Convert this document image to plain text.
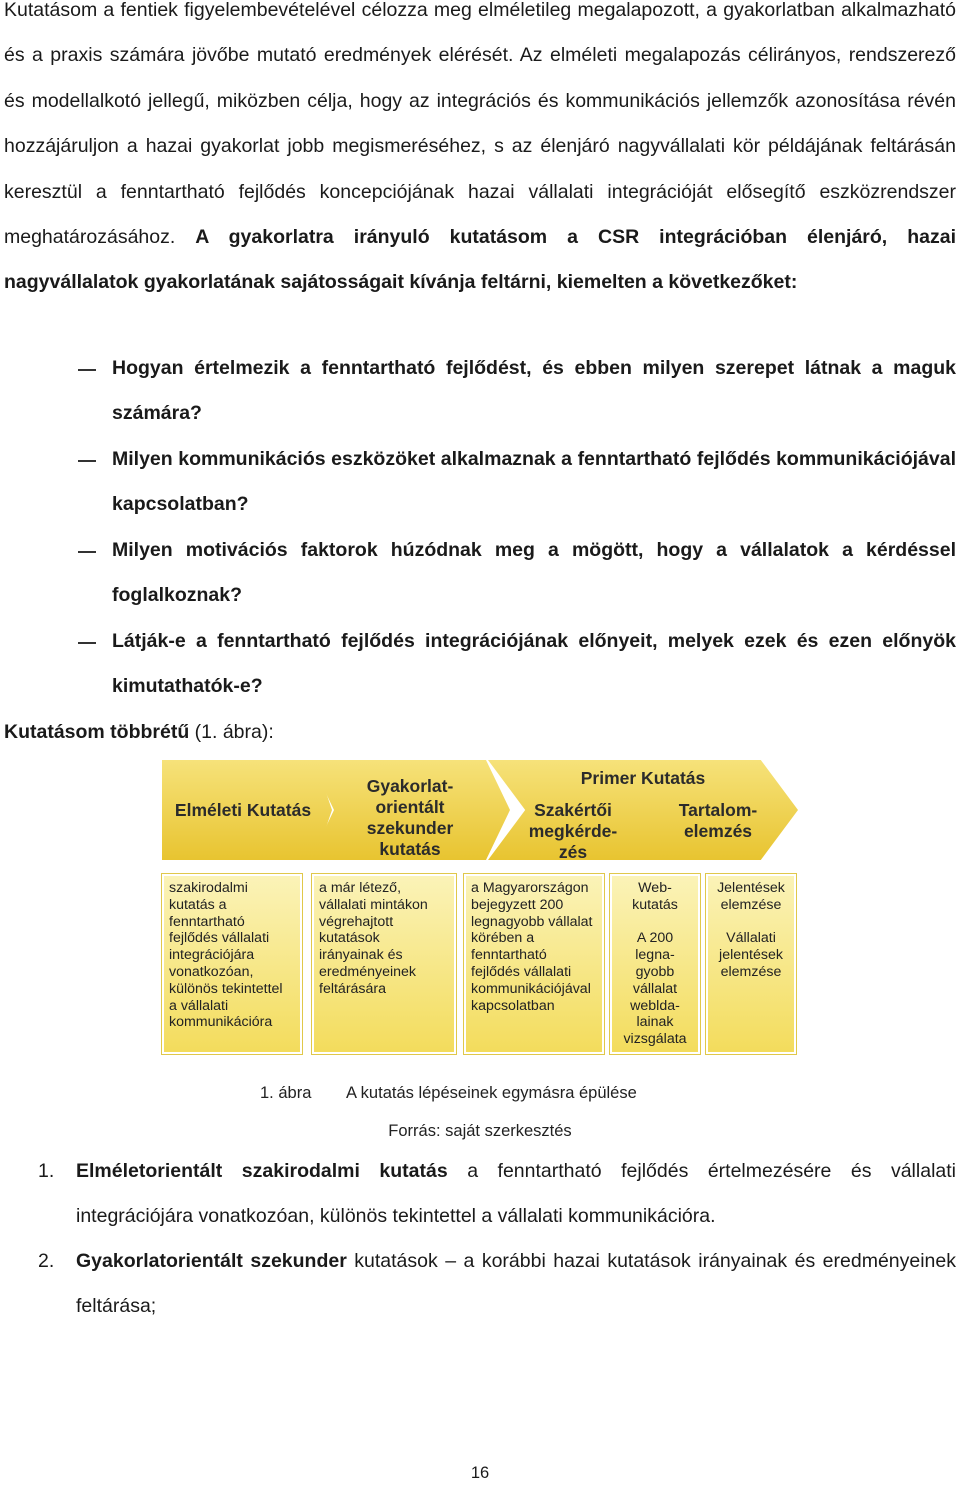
Kutatásom a fentiek figyelembevételével célozza meg elméletileg megalapozott, a gyakorlatban alkalmazható és a praxis számára jövőbe mutató eredmények elérését. Az elméleti megalapozás célirányos, rendszerező és modellalkotó jellegű, miközben célja, hogy az integrációs és kommunikációs jellemzők azonosítása révén hozzájáruljon a hazai gyakorlat jobb megismeréséhez, s az élenjáró nagyvállalati kör példájának feltárásán keresztül a fenntartható fejlődés koncepciójának hazai vállalati integrációját elősegítő eszközrendszer meghatározásához. A gyakorlatra irányuló kutatásom a CSR integrációban élenjáró, hazai nagyvállalatok gyakorlatának sajátosságait kívánja feltárni, kiemelten a következőket:

Hogyan értelmezik a fenntartható fejlődést, és ebben milyen szerepet látnak a maguk számára?

Milyen kommunikációs eszközöket alkalmaznak a fenntartható fejlődés kommunikációjával kapcsolatban?

Milyen motivációs faktorok húzódnak meg a mögött, hogy a vállalatok a kérdéssel foglalkoznak?

Látják-e a fenntartható fejlődés integrációjának előnyeit, melyek ezek és ezen előnyök kimutathatók-e?

Kutatásom többrétű (1. ábra):

Elméleti Kutatás
Gyakorlat-
orientált
szekunder
kutatás
Primer Kutatás
Szakértői
megkérde-
zés
Tartalom-
elemzés
szakirodalmi
kutatás a
fenntartható
fejlődés vállalati
integrációjára
vonatkozóan,
különös tekintettel
a vállalati
kommunikációra
a már létező,
vállalati mintákon
végrehajtott
kutatások
irányainak és
eredményeinek
feltárására
a Magyarországon
bejegyzett 200
legnagyobb vállalat
körében a
fenntartható
fejlődés vállalati
kommunikációjával
kapcsolatban
Web-
kutatás

A 200
legna-
gyobb
vállalat
weblda-
lainak
vizsgálata
Jelentések
elemzése

Vállalati
jelentések
elemzése

1. ábra A kutatás lépéseinek egymásra épülése

Forrás: saját szerkesztés

1. Elméletorientált szakirodalmi kutatás a fenntartható fejlődés értelmezésére és vállalati integrációjára vonatkozóan, különös tekintettel a vállalati kommunikációra.
2. Gyakorlatorientált szekunder kutatások – a korábbi hazai kutatások irányainak és eredményeinek feltárása;

16
